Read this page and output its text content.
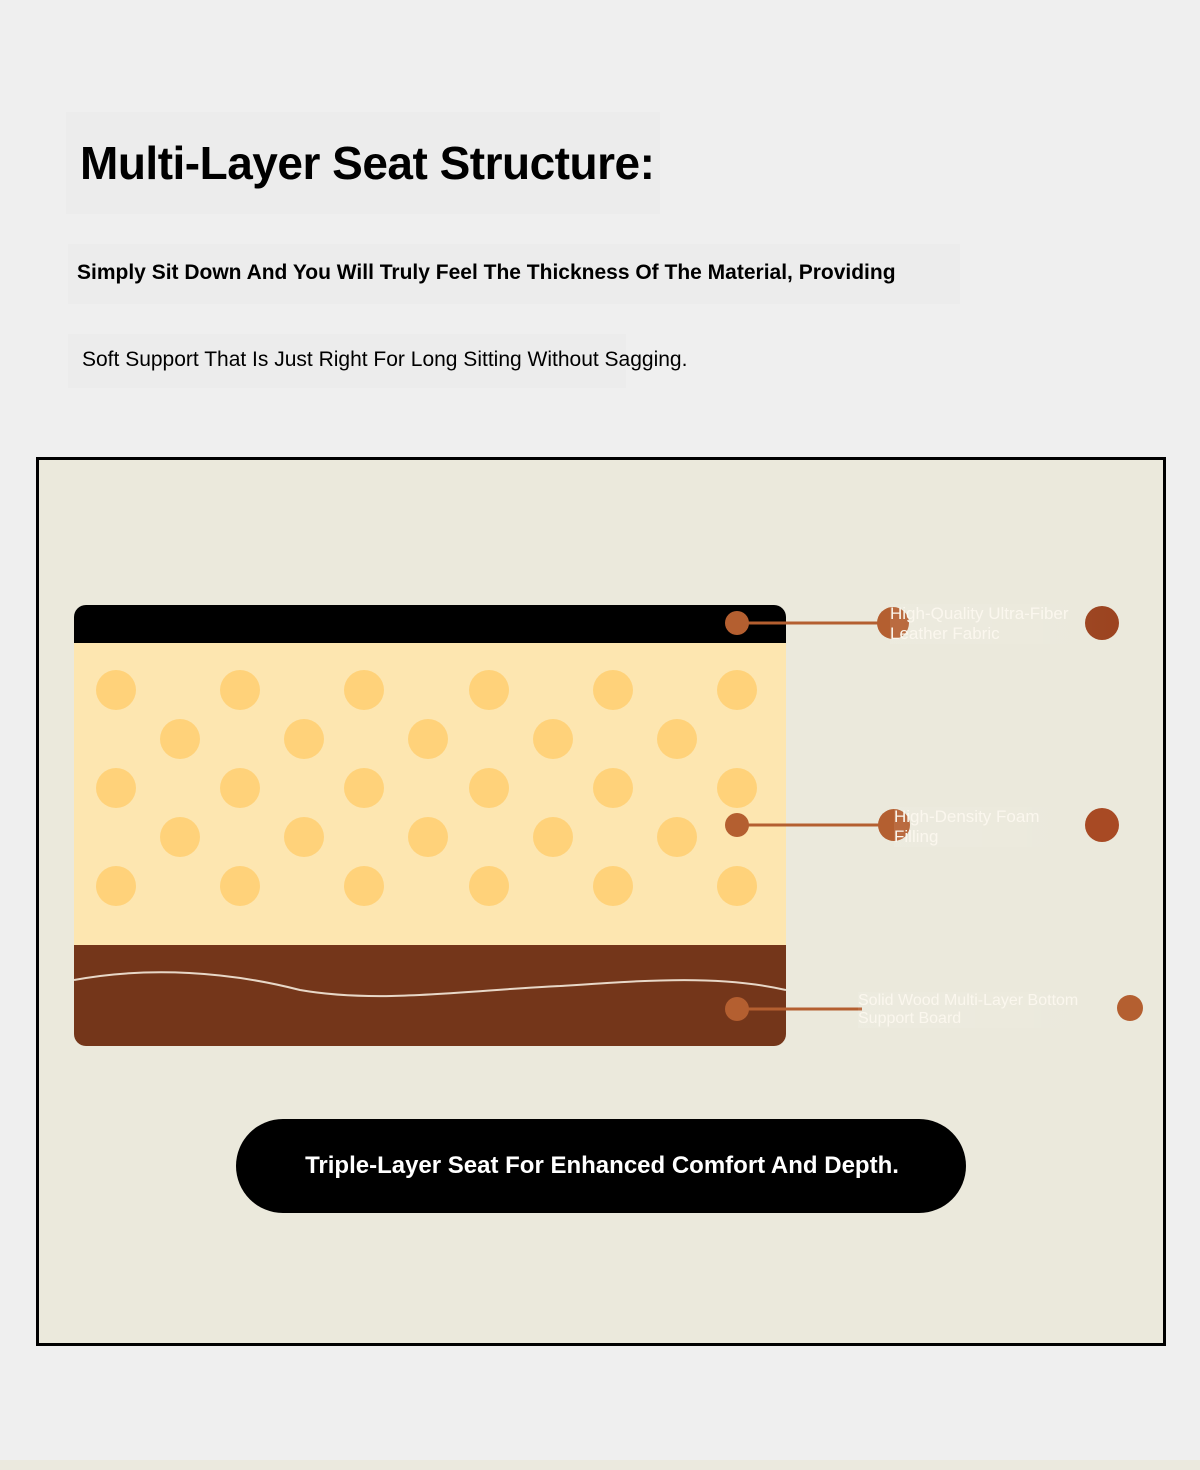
Multi-Layer Seat Structure:
Simply Sit Down And You Will Truly Feel The Thickness Of The Material, Providing
Soft Support That Is Just Right For Long Sitting Without Sagging.
High-Quality Ultra-Fiber
Leather Fabric
High-Density Foam
Filling
Solid Wood Multi-Layer Bottom
Support Board
Triple-Layer Seat For Enhanced Comfort And Depth.
